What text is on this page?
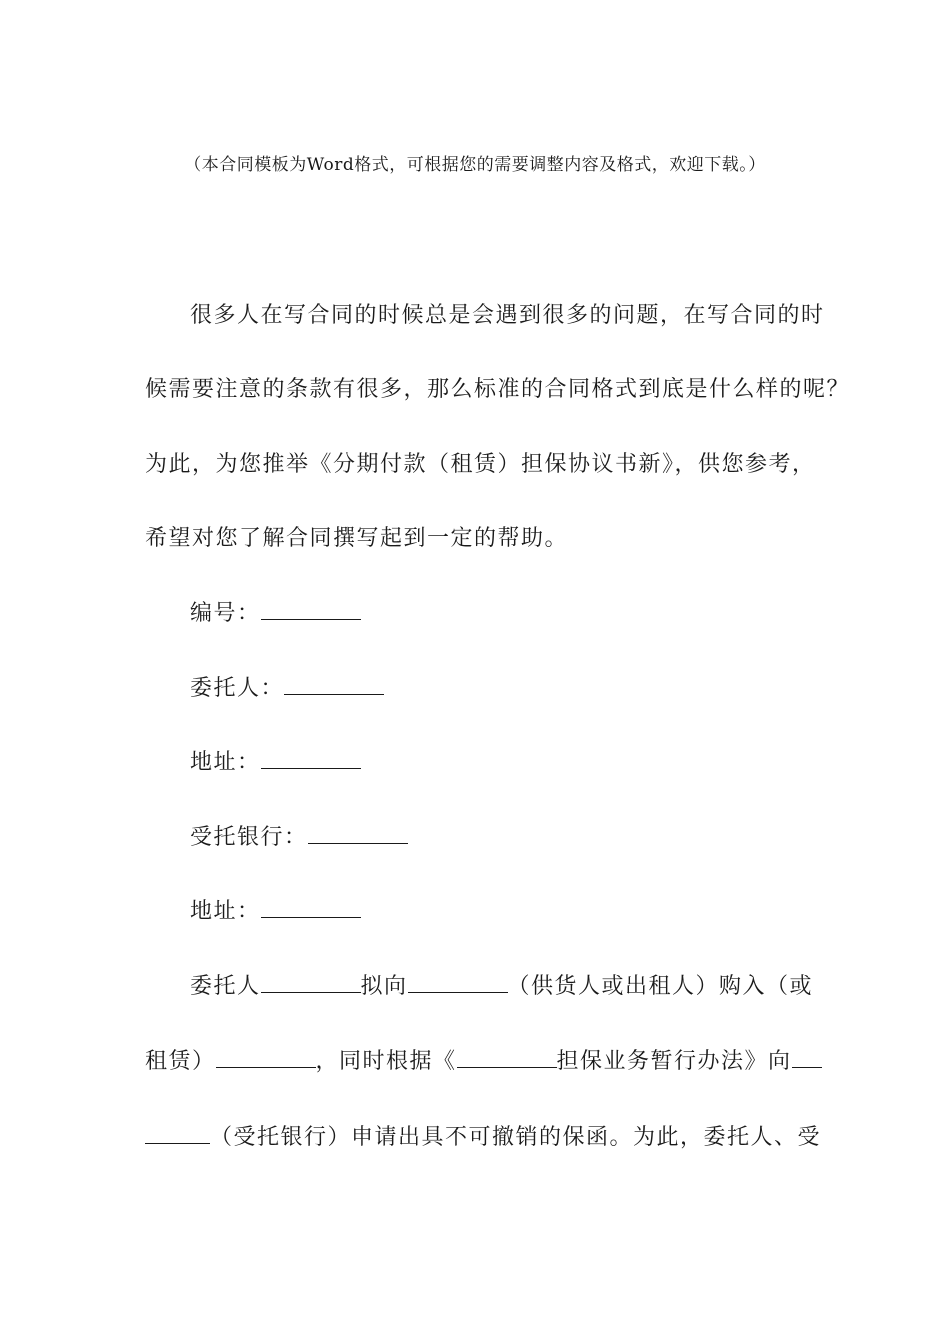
（本合同模板为Word格式，可根据您的需要调整内容及格式，欢迎下载。）
很多人在写合同的时候总是会遇到很多的问题，在写合同的时
候需要注意的条款有很多，那么标准的合同格式到底是什么样的呢？
为此，为您推举《分期付款（租赁）担保协议书新》，供您参考，
希望对您了解合同撰写起到一定的帮助。
编号：
委托人：
地址：
受托银行：
地址：
委托人	拟向	（供货人或出租人）购入（或
租赁）	，同时根据《	担保业务暂行办法》向
（受托银行）申请出具不可撤销的保函。为此，委托人、受
